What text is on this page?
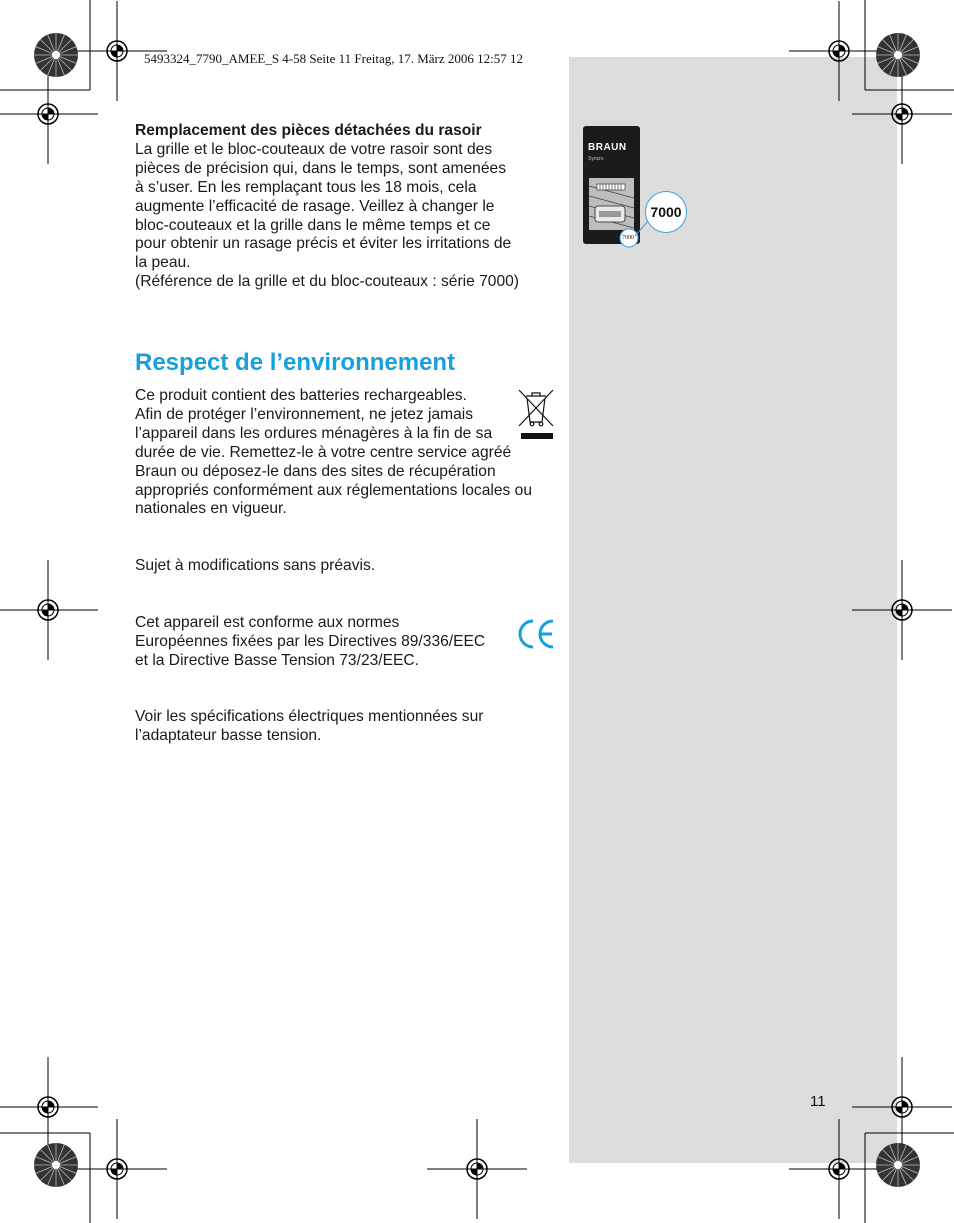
5493324_7790_AMEE_S 4-58 Seite 11 Freitag, 17. März 2006 12:57 12
Remplacement des pièces détachées du rasoir
La grille et le bloc-couteaux de votre rasoir sont des
pièces de précision qui, dans le temps, sont amenées
à s’user. En les remplaçant tous les 18 mois, cela
augmente l’efficacité de rasage. Veillez à changer le
bloc-couteaux et la grille dans le même temps et ce
pour obtenir un rasage précis et éviter les irritations de
la peau.
(Référence de la grille et du bloc-couteaux : série 7000)
Respect de l’environnement
Ce produit contient des batteries rechargeables.
Afin de protéger l’environnement, ne jetez jamais
l’appareil dans les ordures ménagères à la fin de sa
durée de vie. Remettez-le à votre centre service agréé
Braun ou déposez-le dans des sites de récupération
appropriés conformément aux réglementations locales ou
nationales en vigueur.
Sujet à modifications sans préavis.
Cet appareil est conforme aux normes
Européennes fixées par les Directives 89/336/EEC
et la Directive Basse Tension 73/23/EEC.
Voir les spécifications électriques mentionnées sur
l’adaptateur basse tension.
BRAUN
Syncro
7000
7000
11
